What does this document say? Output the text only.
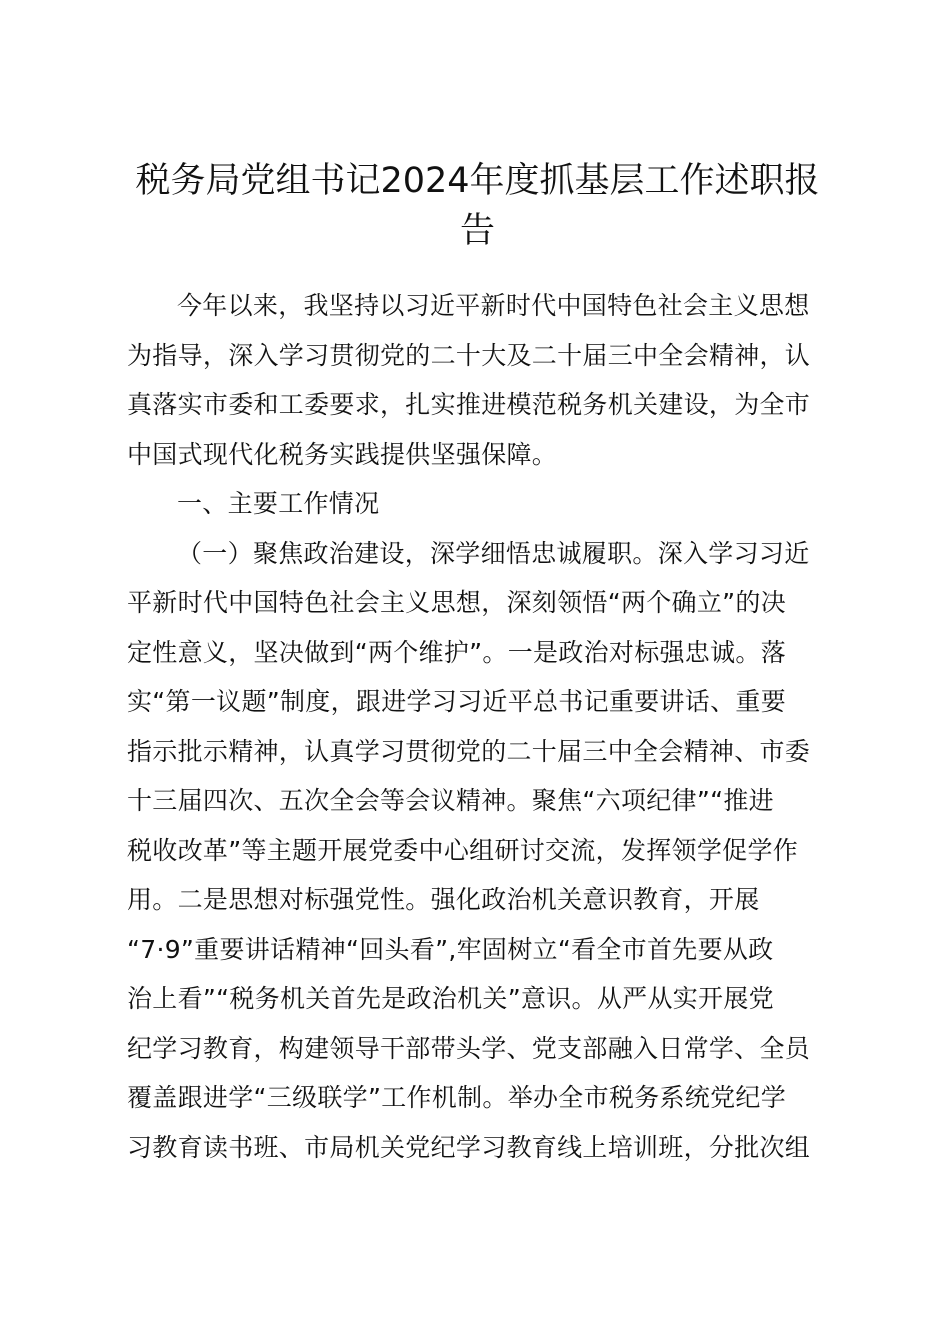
税务局党组书记2024年度抓基层工作述职报
告
今年以来，我坚持以习近平新时代中国特色社会主义思想
为指导，深入学习贯彻党的二十大及二十届三中全会精神，认
真落实市委和工委要求，扎实推进模范税务机关建设，为全市
中国式现代化税务实践提供坚强保障。
一、主要工作情况
（一）聚焦政治建设，深学细悟忠诚履职。深入学习习近
平新时代中国特色社会主义思想，深刻领悟“两个确立”的决
定性意义，坚决做到“两个维护”。一是政治对标强忠诚。落
实“第一议题”制度，跟进学习习近平总书记重要讲话、重要
指示批示精神，认真学习贯彻党的二十届三中全会精神、市委
十三届四次、五次全会等会议精神。聚焦“六项纪律”“推进
税收改革”等主题开展党委中心组研讨交流，发挥领学促学作
用。二是思想对标强党性。强化政治机关意识教育，开展
“7·9”重要讲话精神“回头看”,牢固树立“看全市首先要从政
治上看”“税务机关首先是政治机关”意识。从严从实开展党
纪学习教育，构建领导干部带头学、党支部融入日常学、全员
覆盖跟进学“三级联学”工作机制。举办全市税务系统党纪学
习教育读书班、市局机关党纪学习教育线上培训班，分批次组
